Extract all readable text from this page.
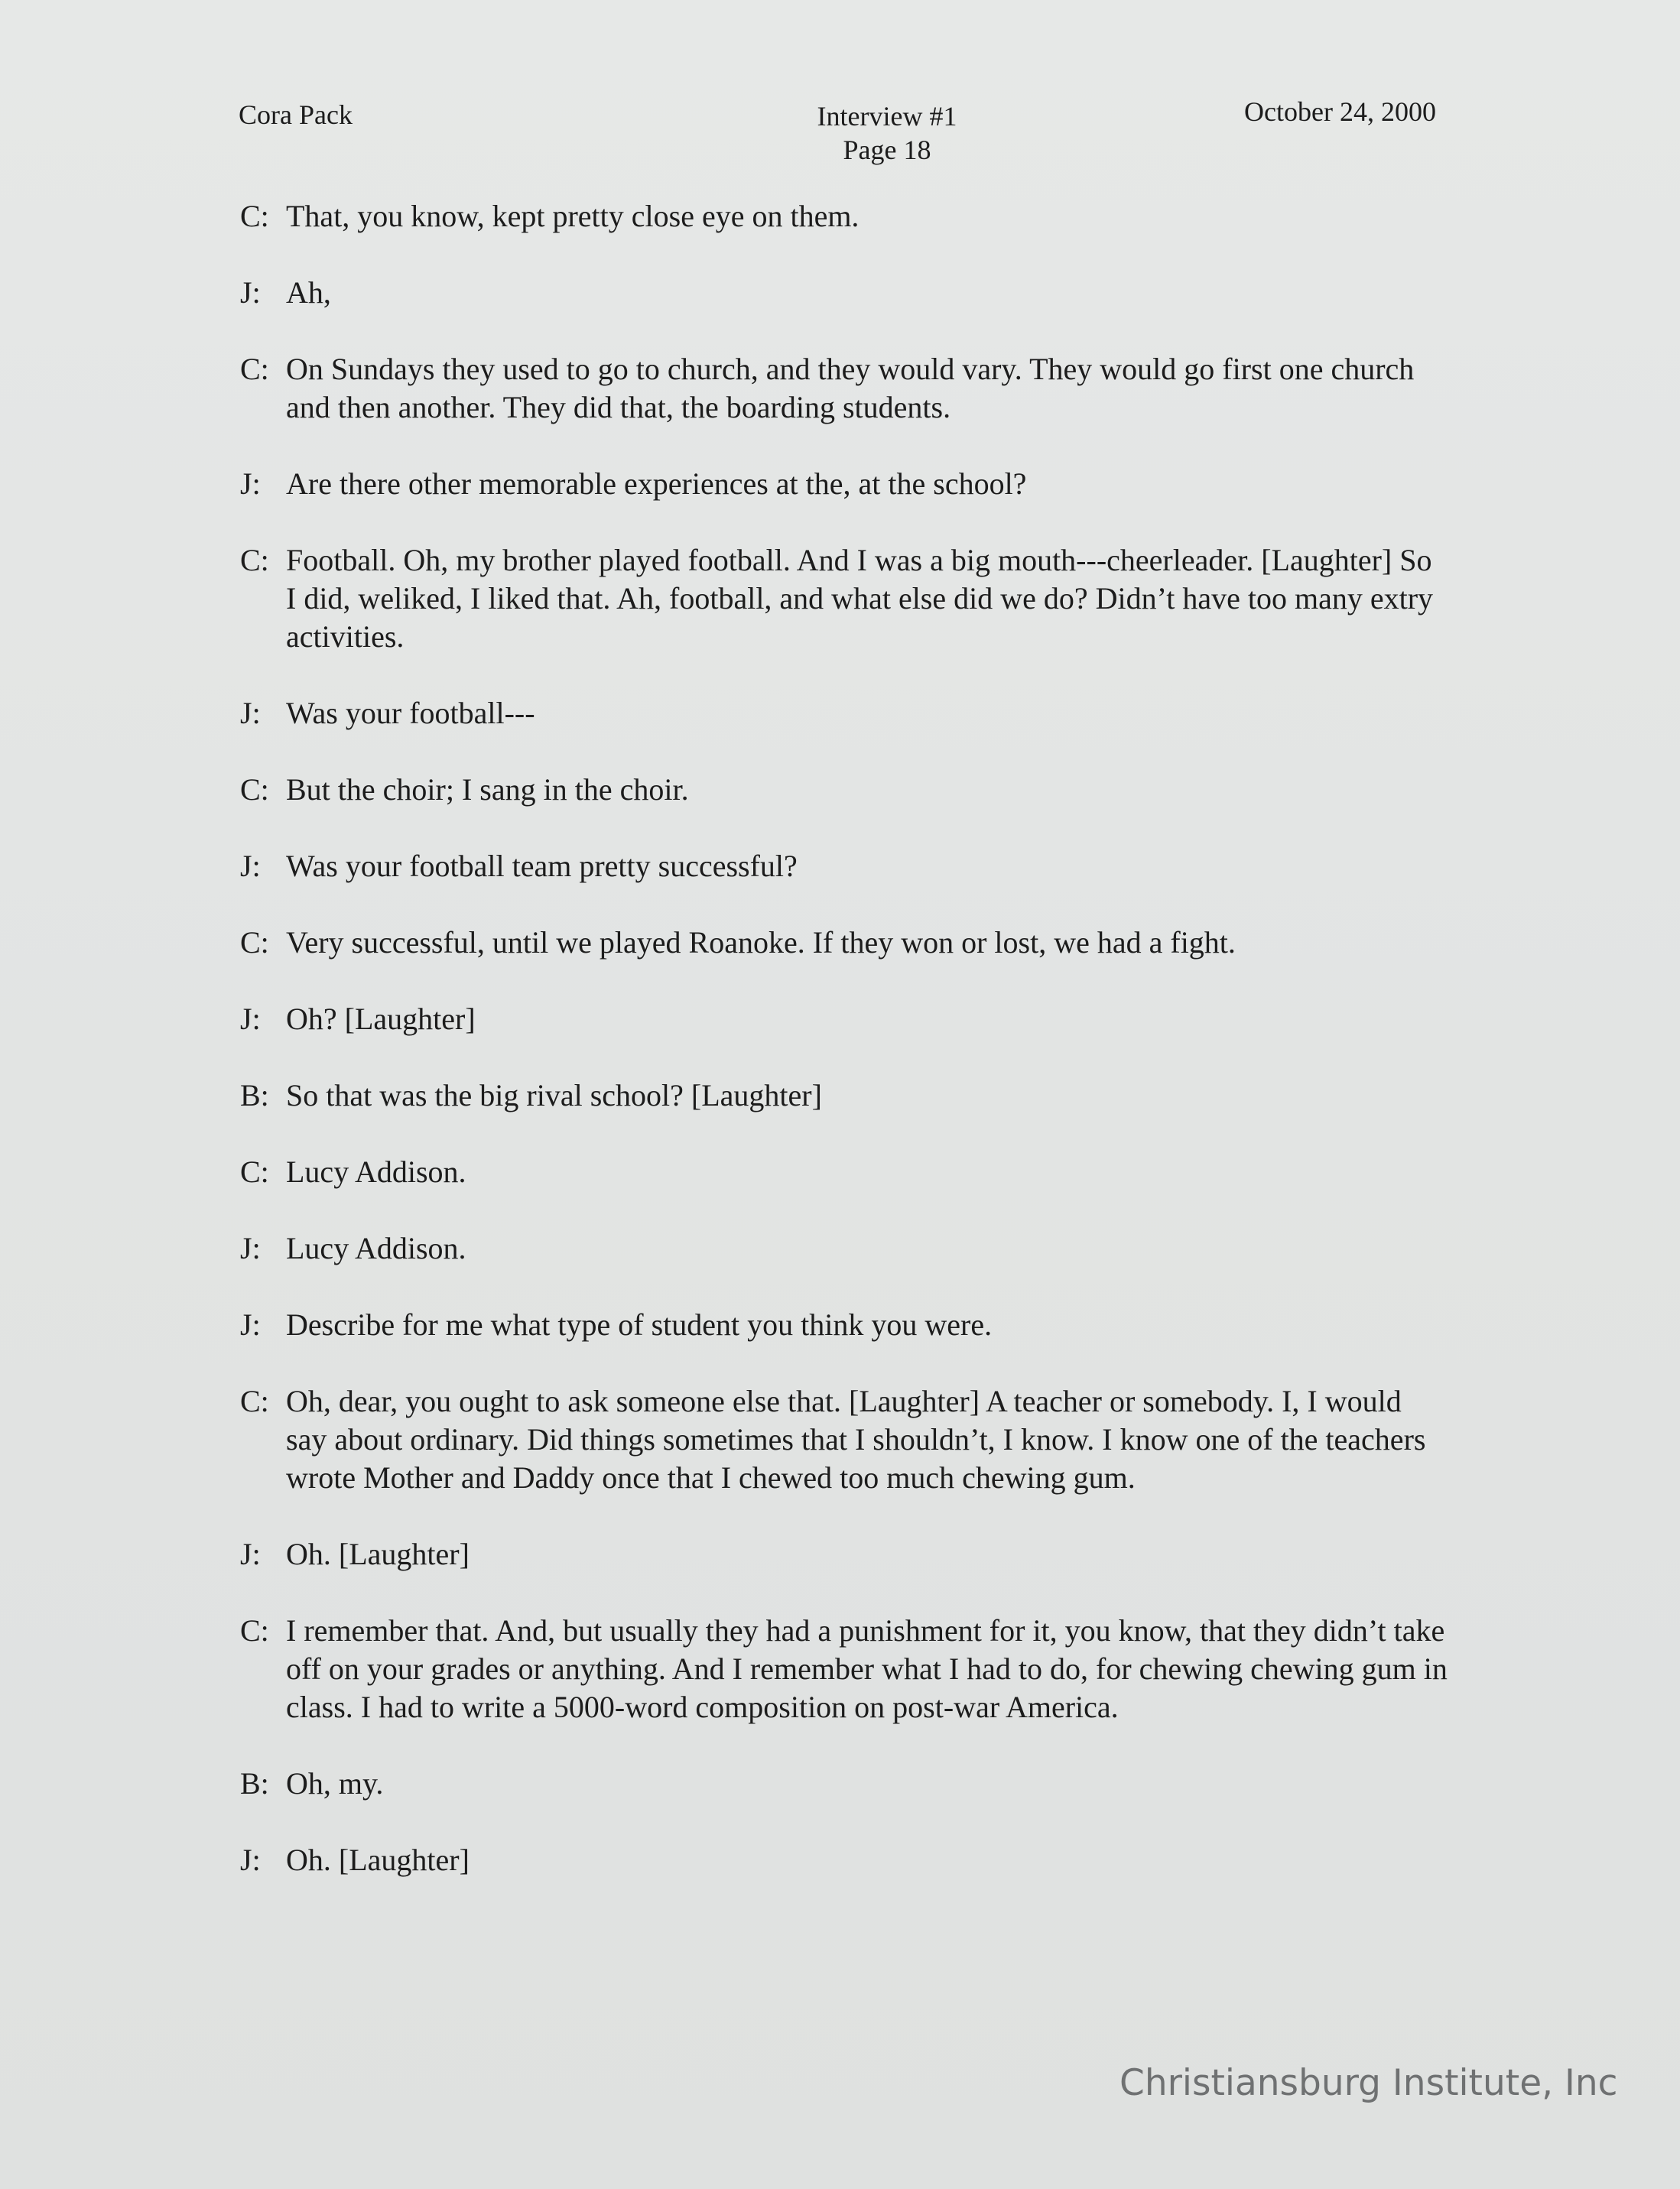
Cora Pack	Interview #1
Page 18
October 24, 2000
C: That, you know, kept pretty close eye on them.
J: Ah,
C: On Sundays they used to go to church, and they would vary. They would go first one church and then another. They did that, the boarding students.
J: Are there other memorable experiences at the, at the school?
C: Football. Oh, my brother played football. And I was a big mouth---cheerleader. [Laughter] So I did, weliked, I liked that. Ah, football, and what else did we do? Didn’t have too many extry activities.
J: Was your football---
C: But the choir; I sang in the choir.
J: Was your football team pretty successful?
C: Very successful, until we played Roanoke. If they won or lost, we had a fight.
J: Oh? [Laughter]
B: So that was the big rival school? [Laughter]
C: Lucy Addison.
J: Lucy Addison.
J: Describe for me what type of student you think you were.
C: Oh, dear, you ought to ask someone else that. [Laughter] A teacher or somebody. I, I would say about ordinary. Did things sometimes that I shouldn’t, I know. I know one of the teachers wrote Mother and Daddy once that I chewed too much chewing gum.
J: Oh. [Laughter]
C: I remember that. And, but usually they had a punishment for it, you know, that they didn’t take off on your grades or anything. And I remember what I had to do, for chewing chewing gum in class. I had to write a 5000-word composition on post-war America.
B: Oh, my.
J: Oh. [Laughter]
Christiansburg Institute, Inc
